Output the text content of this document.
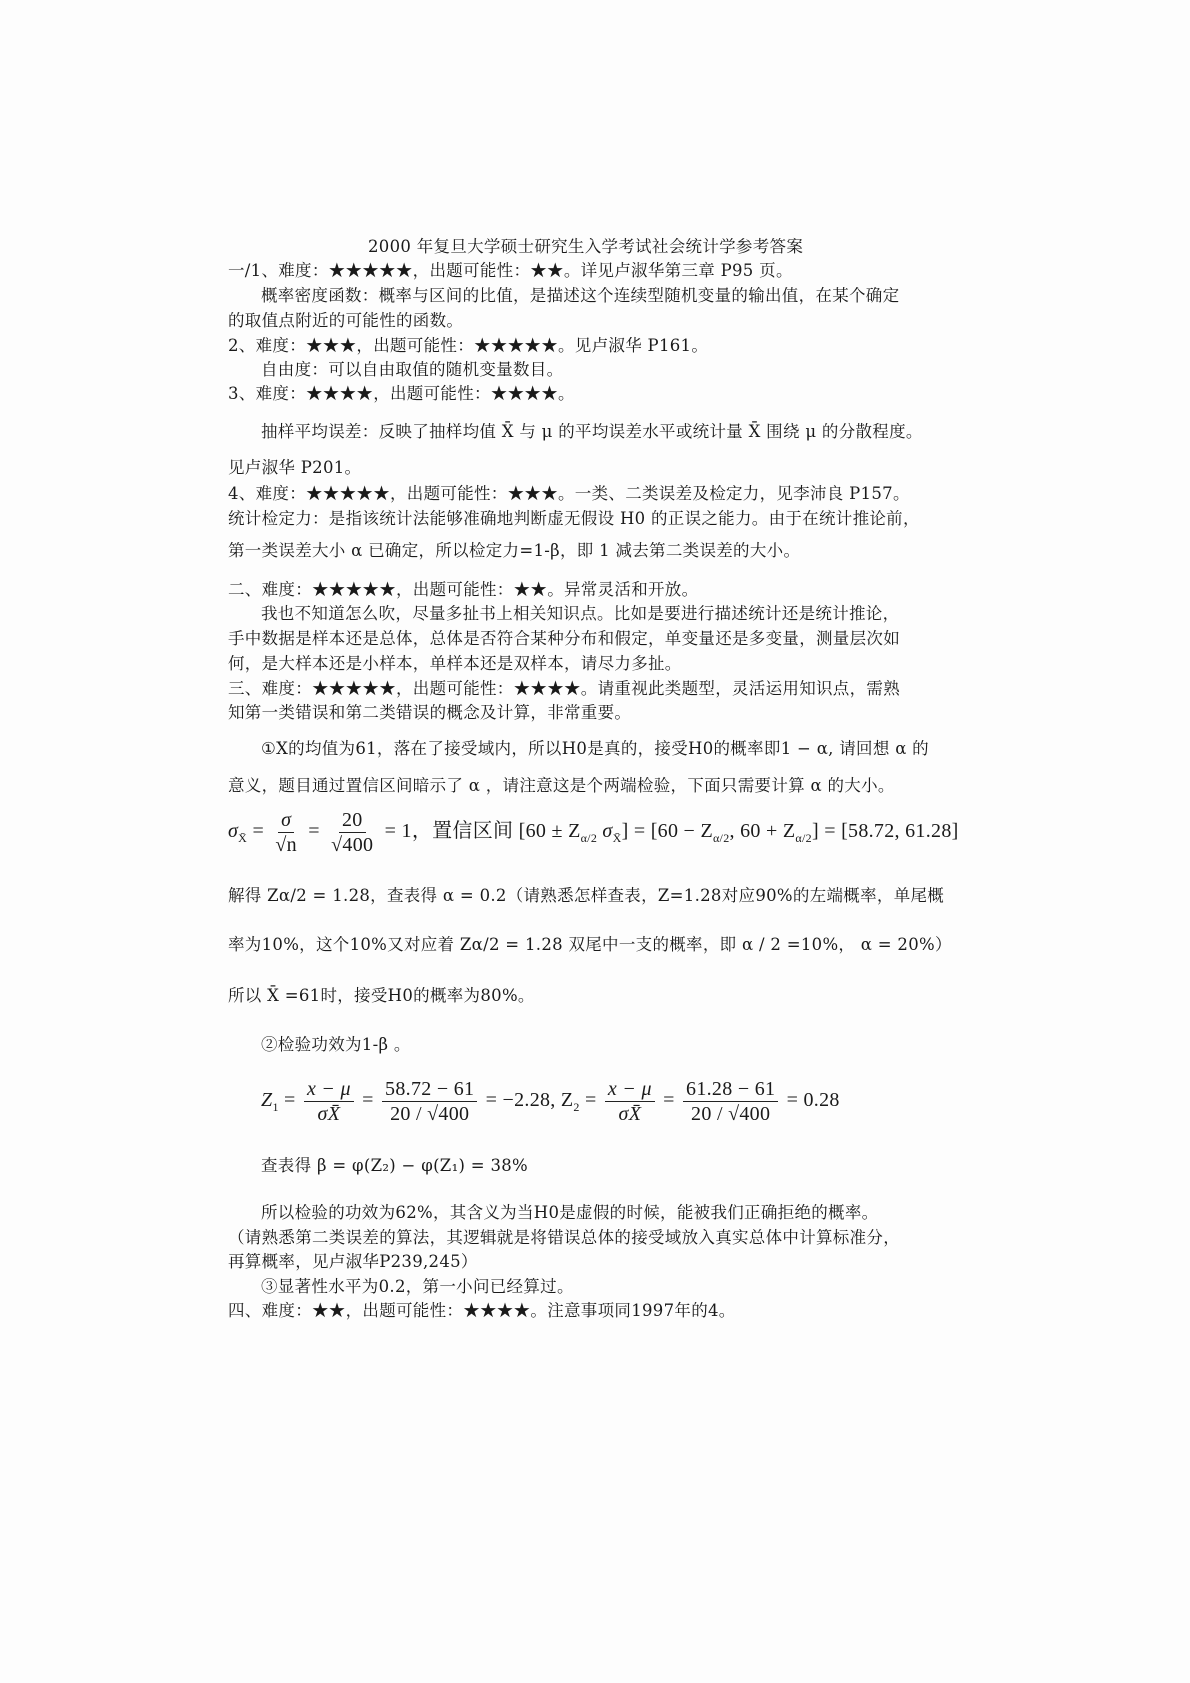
2000 年复旦大学硕士研究生入学考试社会统计学参考答案
一/1、难度：★★★★★，出题可能性：★★。详见卢淑华第三章 P95 页。
概率密度函数：概率与区间的比值，是描述这个连续型随机变量的输出值，在某个确定
的取值点附近的可能性的函数。
2、难度：★★★，出题可能性：★★★★★。见卢淑华 P161。
自由度：可以自由取值的随机变量数目。
3、难度：★★★★，出题可能性：★★★★。
抽样平均误差：反映了抽样均值 X̄ 与 μ 的平均误差水平或统计量 X̄ 围绕 μ 的分散程度。
见卢淑华 P201。
4、难度：★★★★★，出题可能性：★★★。一类、二类误差及检定力，见李沛良 P157。
统计检定力：是指该统计法能够准确地判断虚无假设 H0 的正误之能力。由于在统计推论前，
第一类误差大小 α 已确定，所以检定力=1-β，即 1 减去第二类误差的大小。
二、难度：★★★★★，出题可能性：★★。异常灵活和开放。
我也不知道怎么吹，尽量多扯书上相关知识点。比如是要进行描述统计还是统计推论，
手中数据是样本还是总体，总体是否符合某种分布和假定，单变量还是多变量，测量层次如
何，是大样本还是小样本，单样本还是双样本，请尽力多扯。
三、难度：★★★★★，出题可能性：★★★★。请重视此类题型，灵活运用知识点，需熟
知第一类错误和第二类错误的概念及计算，非常重要。
①X的均值为61，落在了接受域内，所以H0是真的，接受H0的概率即1 − α, 请回想 α 的
意义，题目通过置信区间暗示了 α ，请注意这是个两端检验，下面只需要计算 α 的大小。
$\sigma_{X̄} = \frac{\sigma}{√n} = \frac{20}{√400} = 1$，置信区间 [$60 \pm Z_{\alpha/2}$ $\sigma_{X̄}] = [60 - Z_{\alpha/2}$, $60 + Z_{\alpha/2}] = [58.72$, 61.28]
解得 Zα/2 = 1.28，查表得 α = 0.2（请熟悉怎样查表，Z=1.28对应90%的左端概率，单尾概
率为10%，这个10%又对应着 Zα/2 = 1.28 双尾中一支的概率，即 α / 2 =10%， α = 20%）
所以 X̄ =61时，接受H0的概率为80%。
②检验功效为1-β 。
$Z_1 = \frac{x - \mu}{\sigma X̄} = \frac{58.72 - 61}{20 / √400} = -2.28$, $Z_2 = \frac{x - \mu}{\sigma X̄} = \frac{61.28 - 61}{20 / √400} = 0.28$
查表得 β = φ(Z₂) − φ(Z₁) = 38%
所以检验的功效为62%，其含义为当H0是虚假的时候，能被我们正确拒绝的概率。
（请熟悉第二类误差的算法，其逻辑就是将错误总体的接受域放入真实总体中计算标准分，
再算概率，见卢淑华P239,245）
③显著性水平为0.2，第一小问已经算过。
四、难度：★★，出题可能性：★★★★。注意事项同1997年的4。
